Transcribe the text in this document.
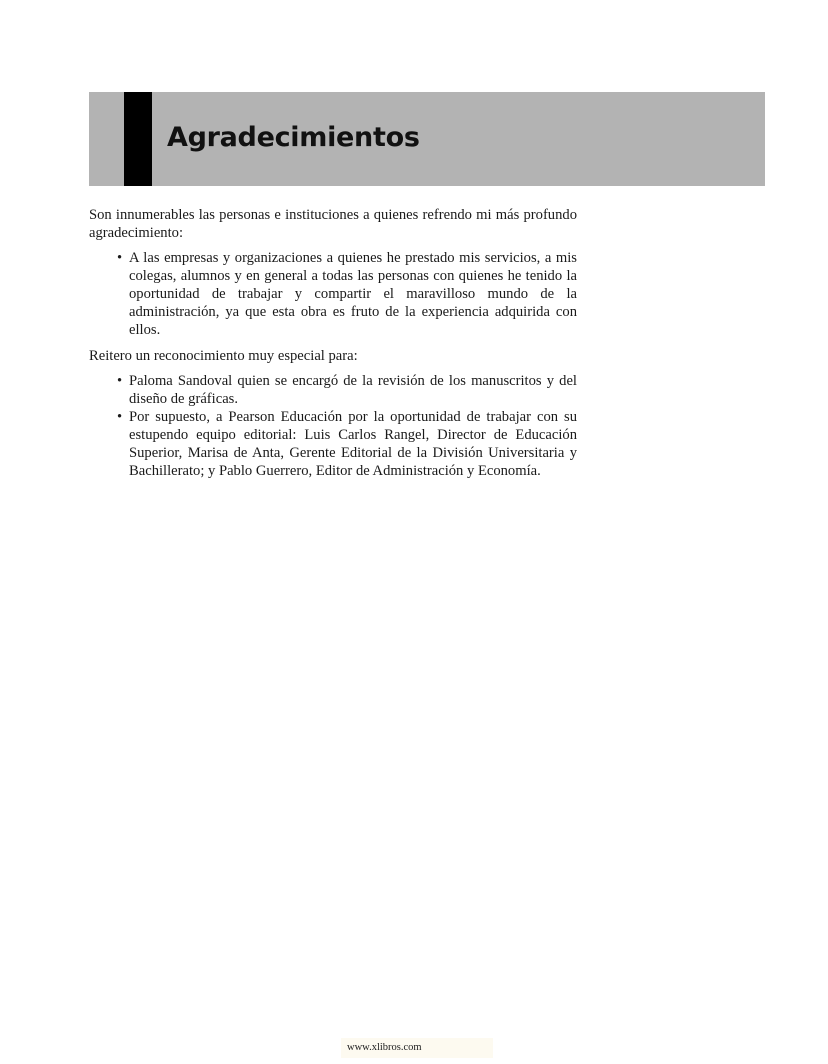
Agradecimientos

Son innumerables las personas e instituciones a quienes refrendo mi más profundo agradecimiento:

• A las empresas y organizaciones a quienes he prestado mis servicios, a mis colegas, alumnos y en general a todas las personas con quienes he tenido la oportunidad de trabajar y compartir el maravilloso mundo de la administración, ya que esta obra es fruto de la experiencia adquirida con ellos.

Reitero un reconocimiento muy especial para:

• Paloma Sandoval quien se encargó de la revisión de los manuscritos y del diseño de gráficas.
• Por supuesto, a Pearson Educación por la oportunidad de trabajar con su estupendo equipo editorial: Luis Carlos Rangel, Director de Educación Superior, Marisa de Anta, Gerente Editorial de la División Universitaria y Bachillerato; y Pablo Guerrero, Editor de Administración y Economía.
www.xlibros.com
